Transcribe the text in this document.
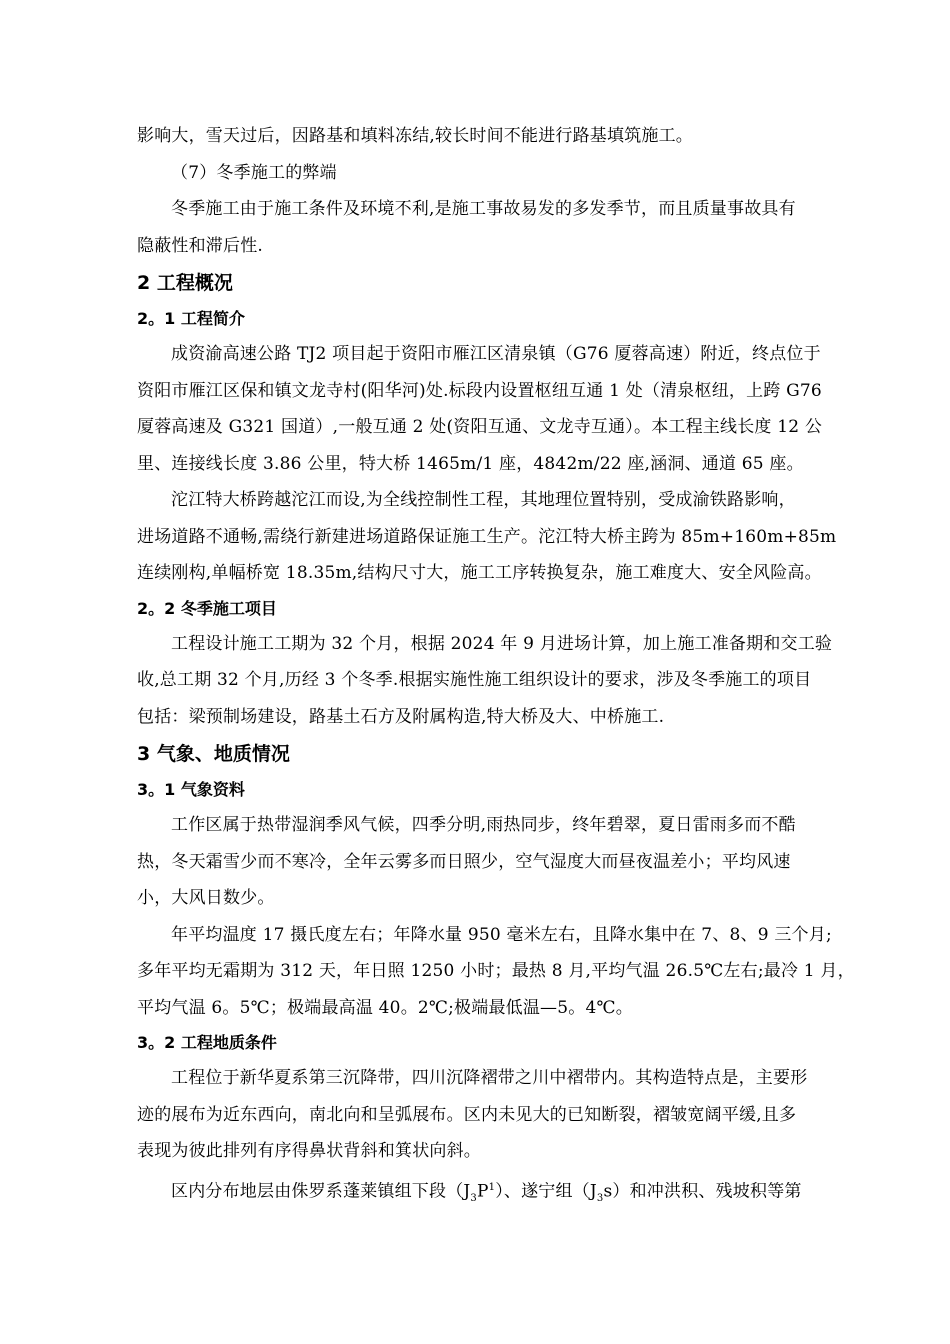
影响大，雪天过后，因路基和填料冻结,较长时间不能进行路基填筑施工。
（7）冬季施工的弊端
冬季施工由于施工条件及环境不利,是施工事故易发的多发季节，而且质量事故具有
隐蔽性和滞后性.
2 工程概况
2。1 工程简介
成资渝高速公路 TJ2 项目起于资阳市雁江区清泉镇（G76 厦蓉高速）附近，终点位于
资阳市雁江区保和镇文龙寺村(阳华河)处.标段内设置枢纽互通 1 处（清泉枢纽，上跨 G76
厦蓉高速及 G321 国道）,一般互通 2 处(资阳互通、文龙寺互通）。本工程主线长度 12 公
里、连接线长度 3.86 公里，特大桥 1465m/1 座，4842m/22 座,涵洞、通道 65 座。
沱江特大桥跨越沱江而设,为全线控制性工程，其地理位置特别，受成渝铁路影响，
进场道路不通畅,需绕行新建进场道路保证施工生产。沱江特大桥主跨为 85m+160m+85m
连续刚构,单幅桥宽 18.35m,结构尺寸大，施工工序转换复杂，施工难度大、安全风险高。
2。2 冬季施工项目
工程设计施工工期为 32 个月，根据 2024 年 9 月进场计算，加上施工准备期和交工验
收,总工期 32 个月,历经 3 个冬季.根据实施性施工组织设计的要求，涉及冬季施工的项目
包括：梁预制场建设，路基土石方及附属构造,特大桥及大、中桥施工.
3 气象、地质情况
3。1 气象资料
工作区属于热带湿润季风气候，四季分明,雨热同步，终年碧翠，夏日雷雨多而不酷
热，冬天霜雪少而不寒冷，全年云雾多而日照少，空气湿度大而昼夜温差小；平均风速
小，大风日数少。
年平均温度 17 摄氏度左右；年降水量 950 毫米左右，且降水集中在 7、8、9 三个月;
多年平均无霜期为 312 天，年日照 1250 小时；最热 8 月,平均气温 26.5℃左右;最冷 1 月，
平均气温 6。5℃；极端最高温 40。2℃;极端最低温—5。4℃。
3。2 工程地质条件
工程位于新华夏系第三沉降带，四川沉降褶带之川中褶带内。其构造特点是，主要形
迹的展布为近东西向，南北向和呈弧展布。区内未见大的已知断裂，褶皱宽阔平缓,且多
表现为彼此排列有序得鼻状背斜和箕状向斜。
区内分布地层由侏罗系蓬莱镇组下段$(J_3P^1)$、遂宁组$(J_3s)$和冲洪积、残坡积等第
